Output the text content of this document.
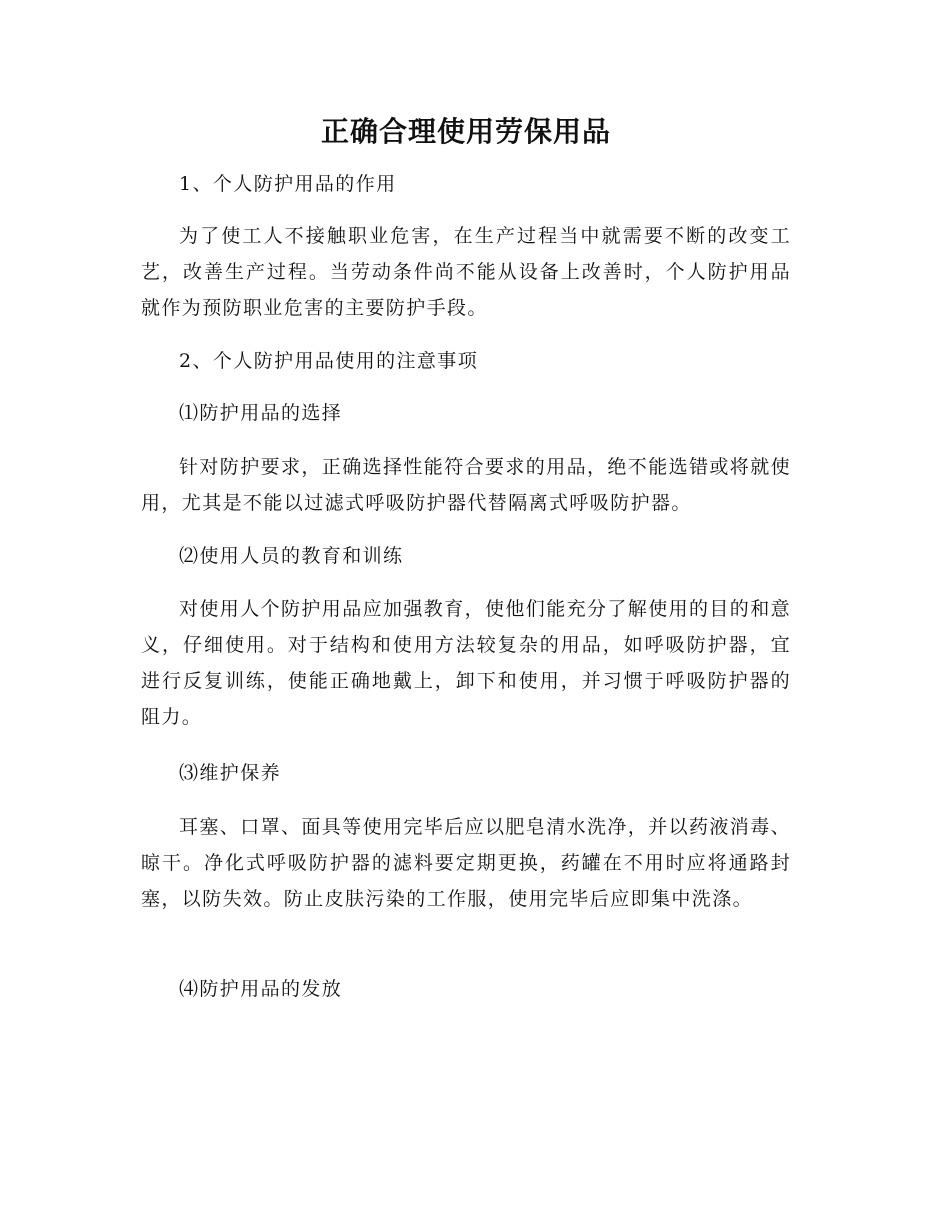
正确合理使用劳保用品

1、个人防护用品的作用

为了使工人不接触职业危害，在生产过程当中就需要不断的改变工艺，改善生产过程。当劳动条件尚不能从设备上改善时，个人防护用品就作为预防职业危害的主要防护手段。

2、个人防护用品使用的注意事项

⑴防护用品的选择

针对防护要求，正确选择性能符合要求的用品，绝不能选错或将就使用，尤其是不能以过滤式呼吸防护器代替隔离式呼吸防护器。

⑵使用人员的教育和训练

对使用人个防护用品应加强教育，使他们能充分了解使用的目的和意义，仔细使用。对于结构和使用方法较复杂的用品，如呼吸防护器，宜进行反复训练，使能正确地戴上，卸下和使用，并习惯于呼吸防护器的阻力。

⑶维护保养

耳塞、口罩、面具等使用完毕后应以肥皂清水洗净，并以药液消毒、晾干。净化式呼吸防护器的滤料要定期更换，药罐在不用时应将通路封塞，以防失效。防止皮肤污染的工作服，使用完毕后应即集中洗涤。

⑷防护用品的发放
